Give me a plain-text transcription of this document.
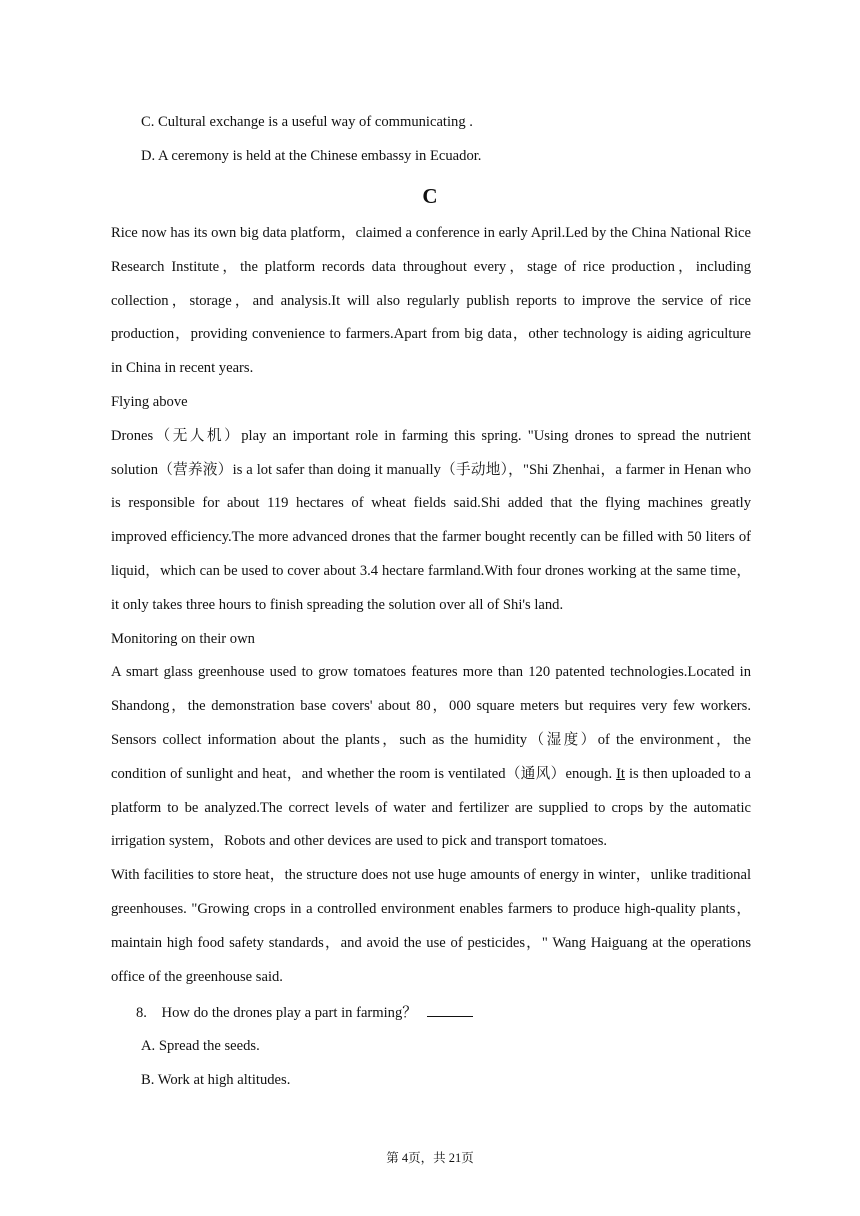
C. Cultural exchange is a useful way of communicating .
D. A ceremony is held at the Chinese embassy in Ecuador.
C

Rice now has its own big data platform，claimed a conference in early April.Led by the China National Rice Research Institute，the platform records data throughout every，stage of rice production，including collection，storage，and analysis.It will also regularly publish reports to improve the service of rice production，providing convenience to farmers.Apart from big data，other technology is aiding agriculture in China in recent years.

Flying above

Drones（无人机）play an important role in farming this spring. "Using drones to spread the nutrient solution（营养液）is a lot safer than doing it manually（手动地），"Shi Zhenhai，a farmer in Henan who is responsible for about 119 hectares of wheat fields said.Shi added that the flying machines greatly improved efficiency.The more advanced drones that the farmer bought recently can be filled with 50 liters of liquid，which can be used to cover about 3.4 hectare farmland.With four drones working at the same time，it only takes three hours to finish spreading the solution over all of Shi's land.

Monitoring on their own

A smart glass greenhouse used to grow tomatoes features more than 120 patented technologies.Located in Shandong，the demonstration base covers' about 80，000 square meters but requires very few workers. Sensors collect information about the plants，such as the humidity（湿度）of the environment，the condition of sunlight and heat，and whether the room is ventilated（通风）enough. It is then uploaded to a platform to be analyzed.The correct levels of water and fertilizer are supplied to crops by the automatic irrigation system，Robots and other devices are used to pick and transport tomatoes.

With facilities to store heat，the structure does not use huge amounts of energy in winter，unlike traditional greenhouses. "Growing crops in a controlled environment enables farmers to produce high-quality plants，maintain high food safety standards，and avoid the use of pesticides，" Wang Haiguang at the operations office of the greenhouse said.

8. How do the drones play a part in farming？
A. Spread the seeds.
B. Work at high altitudes.
第 4页，共 21页
